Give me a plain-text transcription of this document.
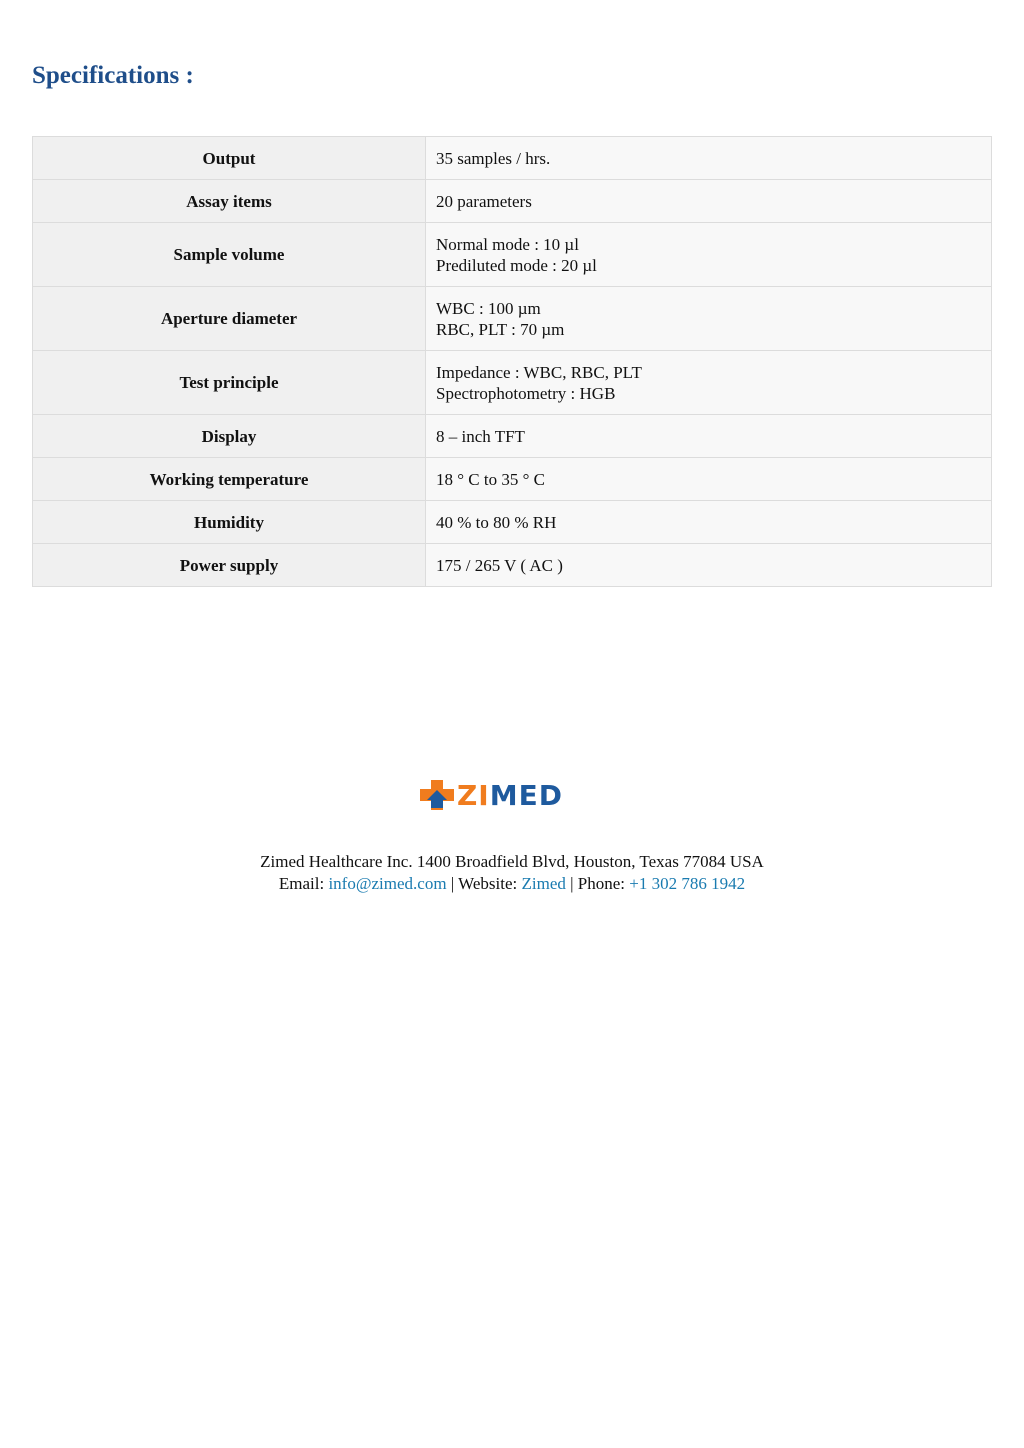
Specifications :
Output	35 samples / hrs.

Assay items	20 parameters

Sample volume	Normal mode : 10 µl
Prediluted mode : 20 µl

Aperture diameter	WBC : 100 µm
RBC, PLT : 70 µm

Test principle	Impedance : WBC, RBC, PLT
Spectrophotometry : HGB

Display	8 – inch TFT

Working temperature	18 ° C to 35 ° C

Humidity	40 % to 80 % RH

Power supply	175 / 265 V ( AC )
ZIMED
Zimed Healthcare Inc. 1400 Broadfield Blvd, Houston, Texas 77084 USA
Email: info@zimed.com | Website: Zimed | Phone: +1 302 786 1942
